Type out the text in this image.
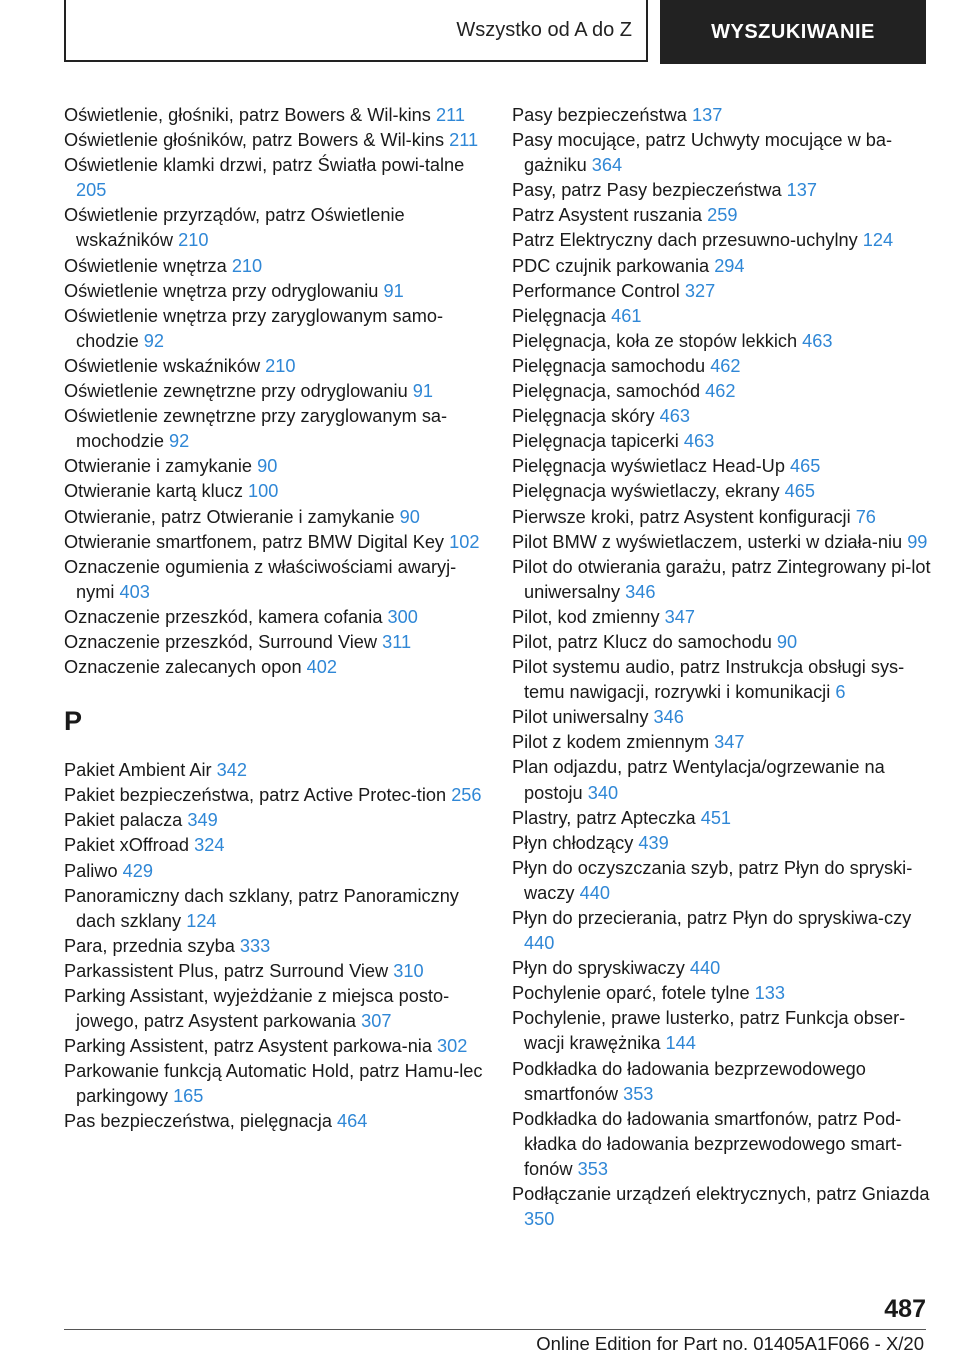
Wszystko od A do Z	WYSZUKIWANIE
Oświetlenie, głośniki, patrz Bowers & Wil‐kins 211
Oświetlenie głośników, patrz Bowers & Wil‐kins 211
Oświetlenie klamki drzwi, patrz Światła powi‐talne 205
Oświetlenie przyrządów, patrz Oświetlenie wskaźników 210
Oświetlenie wnętrza 210
Oświetlenie wnętrza przy odryglowaniu 91
Oświetlenie wnętrza przy zaryglowanym samo‐chodzie 92
Oświetlenie wskaźników 210
Oświetlenie zewnętrzne przy odryglowaniu 91
Oświetlenie zewnętrzne przy zaryglowanym sa‐mochodzie 92
Otwieranie i zamykanie 90
Otwieranie kartą klucz 100
Otwieranie, patrz Otwieranie i zamykanie 90
Otwieranie smartfonem, patrz BMW Digital Key 102
Oznaczenie ogumienia z właściwościami awaryj‐nymi 403
Oznaczenie przeszkód, kamera cofania 300
Oznaczenie przeszkód, Surround View 311
Oznaczenie zalecanych opon 402
P
Pakiet Ambient Air 342
Pakiet bezpieczeństwa, patrz Active Protec‐tion 256
Pakiet palacza 349
Pakiet xOffroad 324
Paliwo 429
Panoramiczny dach szklany, patrz Panoramiczny dach szklany 124
Para, przednia szyba 333
Parkassistent Plus, patrz Surround View 310
Parking Assistant, wyjeżdżanie z miejsca posto‐jowego, patrz Asystent parkowania 307
Parking Assistent, patrz Asystent parkowa‐nia 302
Parkowanie funkcją Automatic Hold, patrz Hamu‐lec parkingowy 165
Pas bezpieczeństwa, pielęgnacja 464
Pasy bezpieczeństwa 137
Pasy mocujące, patrz Uchwyty mocujące w ba‐gażniku 364
Pasy, patrz Pasy bezpieczeństwa 137
Patrz Asystent ruszania 259
Patrz Elektryczny dach przesuwno-uchylny 124
PDC czujnik parkowania 294
Performance Control 327
Pielęgnacja 461
Pielęgnacja, koła ze stopów lekkich 463
Pielęgnacja samochodu 462
Pielęgnacja, samochód 462
Pielęgnacja skóry 463
Pielęgnacja tapicerki 463
Pielęgnacja wyświetlacz Head-Up 465
Pielęgnacja wyświetlaczy, ekrany 465
Pierwsze kroki, patrz Asystent konfiguracji 76
Pilot BMW z wyświetlaczem, usterki w działa‐niu 99
Pilot do otwierania garażu, patrz Zintegrowany pi‐lot uniwersalny 346
Pilot, kod zmienny 347
Pilot, patrz Klucz do samochodu 90
Pilot systemu audio, patrz Instrukcja obsługi sys‐temu nawigacji, rozrywki i komunikacji 6
Pilot uniwersalny 346
Pilot z kodem zmiennym 347
Plan odjazdu, patrz Wentylacja/ogrzewanie na postoju 340
Plastry, patrz Apteczka 451
Płyn chłodzący 439
Płyn do oczyszczania szyb, patrz Płyn do spryski‐waczy 440
Płyn do przecierania, patrz Płyn do spryskiwa‐czy 440
Płyn do spryskiwaczy 440
Pochylenie oparć, fotele tylne 133
Pochylenie, prawe lusterko, patrz Funkcja obser‐wacji krawężnika 144
Podkładka do ładowania bezprzewodowego smartfonów 353
Podkładka do ładowania smartfonów, patrz Pod‐kładka do ładowania bezprzewodowego smart‐fonów 353
Podłączanie urządzeń elektrycznych, patrz Gniazda 350
487
Online Edition for Part no. 01405A1F066 - X/20
